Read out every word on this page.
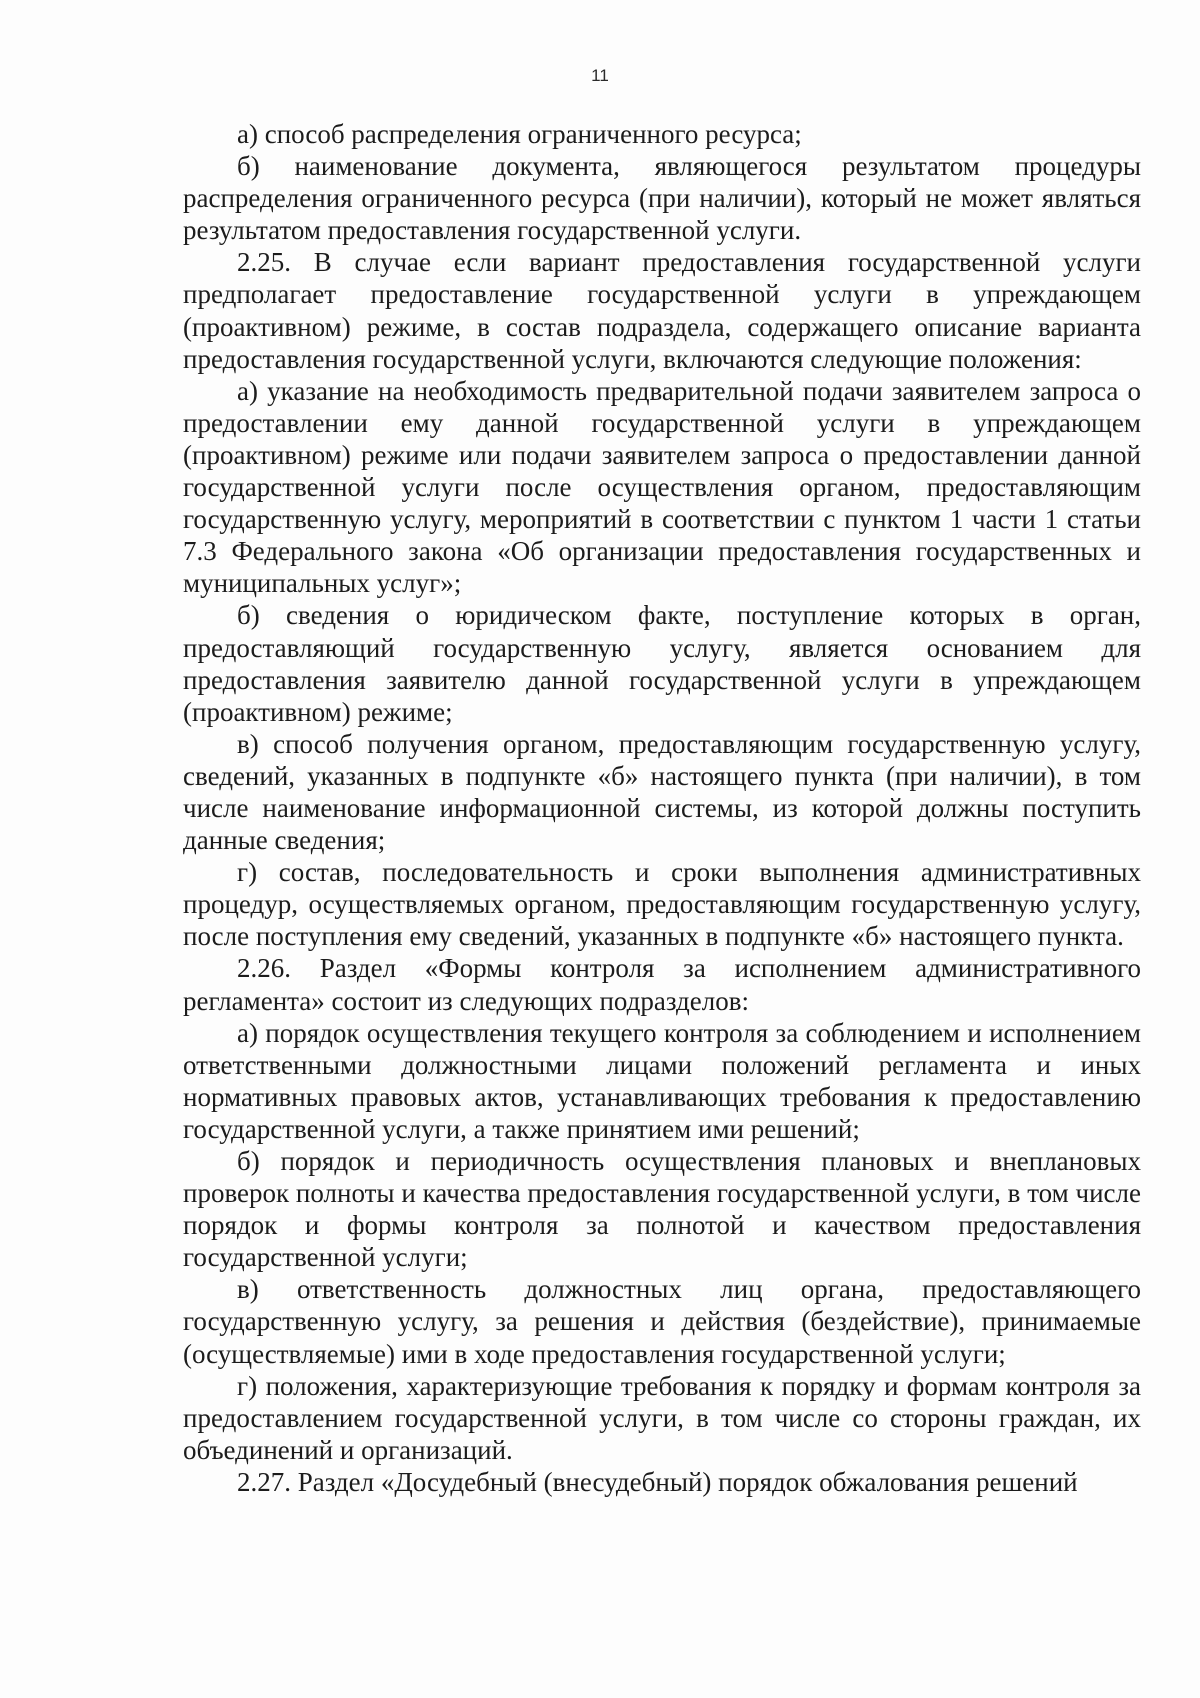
11

а) способ распределения ограниченного ресурса;

б) наименование документа, являющегося результатом процедуры распределения ограниченного ресурса (при наличии), который не может являться результатом предоставления государственной услуги.

2.25. В случае если вариант предоставления государственной услуги предполагает предоставление государственной услуги в упреждающем (проактивном) режиме, в состав подраздела, содержащего описание варианта предоставления государственной услуги, включаются следующие положения:

а) указание на необходимость предварительной подачи заявителем запроса о предоставлении ему данной государственной услуги в упреждающем (проактивном) режиме или подачи заявителем запроса о предоставлении данной государственной услуги после осуществления органом, предоставляющим государственную услугу, мероприятий в соответствии с пунктом 1 части 1 статьи 7.3 Федерального закона «Об организации предоставления государственных и муниципальных услуг»;

б) сведения о юридическом факте, поступление которых в орган, предоставляющий государственную услугу, является основанием для предоставления заявителю данной государственной услуги в упреждающем (проактивном) режиме;

в) способ получения органом, предоставляющим государственную услугу, сведений, указанных в подпункте «б» настоящего пункта (при наличии), в том числе наименование информационной системы, из которой должны поступить данные сведения;

г) состав, последовательность и сроки выполнения административных процедур, осуществляемых органом, предоставляющим государственную услугу, после поступления ему сведений, указанных в подпункте «б» настоящего пункта.

2.26. Раздел «Формы контроля за исполнением административного регламента» состоит из следующих подразделов:

а) порядок осуществления текущего контроля за соблюдением и исполнением ответственными должностными лицами положений регламента и иных нормативных правовых актов, устанавливающих требования к предоставлению государственной услуги, а также принятием ими решений;

б) порядок и периодичность осуществления плановых и внеплановых проверок полноты и качества предоставления государственной услуги, в том числе порядок и формы контроля за полнотой и качеством предоставления государственной услуги;

в) ответственность должностных лиц органа, предоставляющего государственную услугу, за решения и действия (бездействие), принимаемые (осуществляемые) ими в ходе предоставления государственной услуги;

г) положения, характеризующие требования к порядку и формам контроля за предоставлением государственной услуги, в том числе со стороны граждан, их объединений и организаций.

2.27. Раздел «Досудебный (внесудебный) порядок обжалования решений
